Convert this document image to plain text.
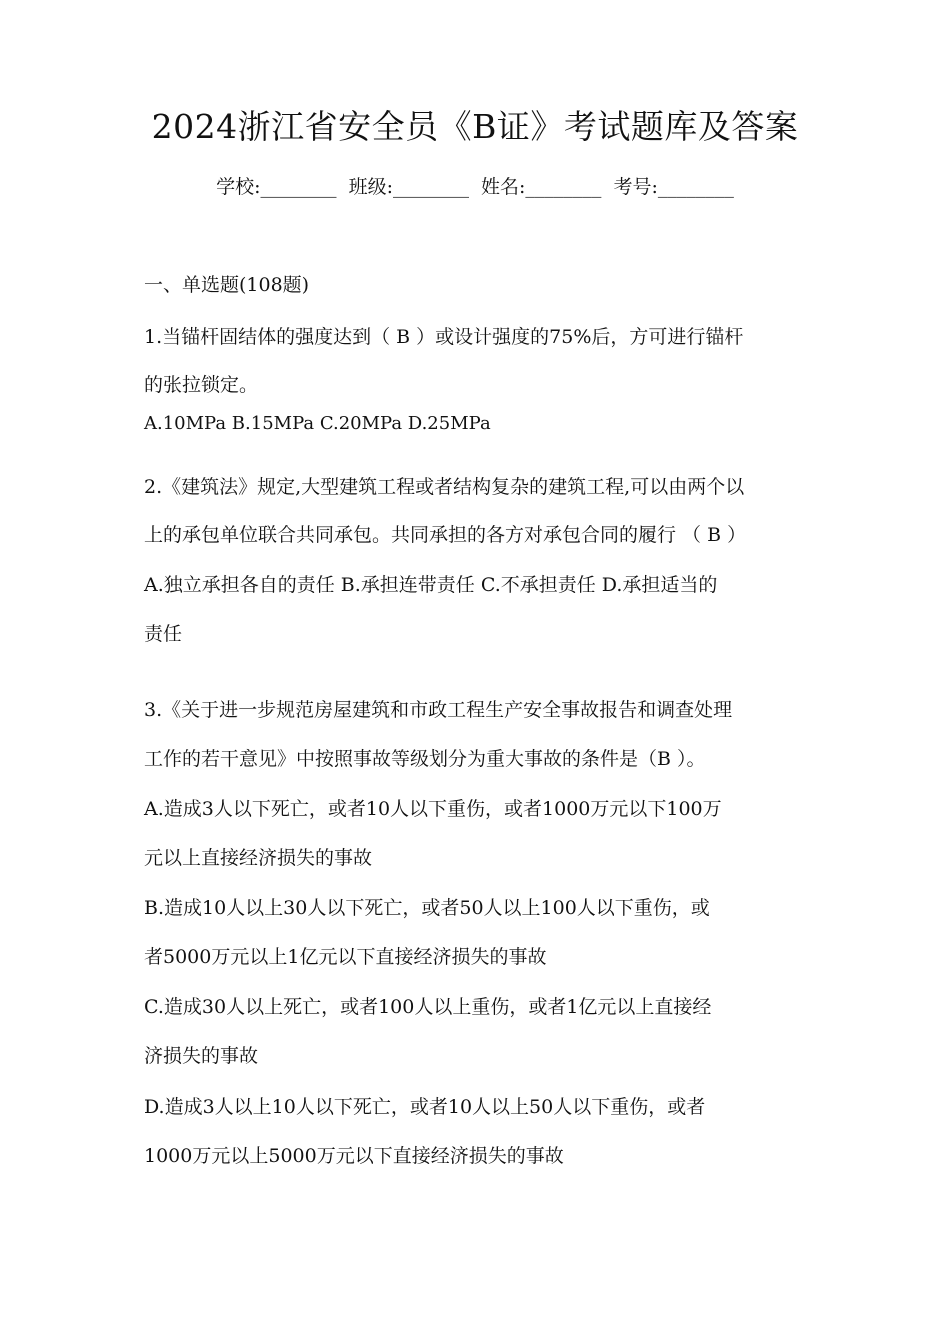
2024浙江省安全员《B证》考试题库及答案
学校:________ 班级:________ 姓名:________ 考号:________
一、单选题(108题)
1.当锚杆固结体的强度达到（ B ）或设计强度的75%后，方可进行锚杆
的张拉锁定。
A.10MPa B.15MPa C.20MPa D.25MPa
2.《建筑法》规定,大型建筑工程或者结构复杂的建筑工程,可以由两个以
上的承包单位联合共同承包。共同承担的各方对承包合同的履行 （ B ）
A.独立承担各自的责任 B.承担连带责任 C.不承担责任 D.承担适当的
责任
3.《关于进一步规范房屋建筑和市政工程生产安全事故报告和调查处理
工作的若干意见》中按照事故等级划分为重大事故的条件是（B ）。
A.造成3人以下死亡，或者10人以下重伤，或者1000万元以下100万
元以上直接经济损失的事故
B.造成10人以上30人以下死亡，或者50人以上100人以下重伤，或
者5000万元以上1亿元以下直接经济损失的事故
C.造成30人以上死亡，或者100人以上重伤，或者1亿元以上直接经
济损失的事故
D.造成3人以上10人以下死亡，或者10人以上50人以下重伤，或者
1000万元以上5000万元以下直接经济损失的事故
